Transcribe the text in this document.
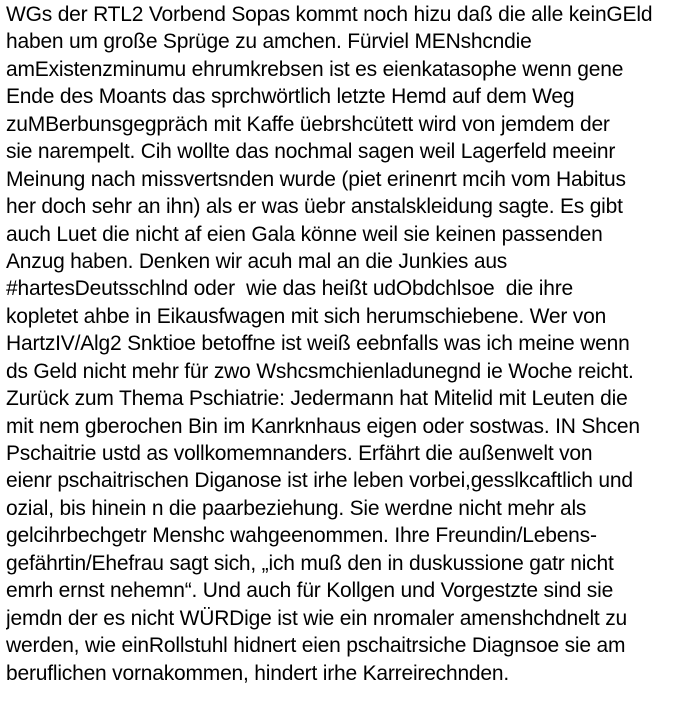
WGs der RTL2 Vorbend Sopas kommt noch hizu daß die alle keinGEld
haben um große Sprüge zu amchen. Fürviel MENshcndie
amExistenzminumu ehrumkrebsen ist es eienkatasophe wenn gene
Ende des Moants das sprchwörtlich letzte Hemd auf dem Weg
zuMBerbunsgegpräch mit Kaffe üebrshcütett wird von jemdem der
sie narempelt. Cih wollte das nochmal sagen weil Lagerfeld meeinr
Meinung nach missvertsnden wurde (piet erinenrt mcih vom Habitus
her doch sehr an ihn) als er was üebr anstalskleidung sagte. Es gibt
auch Luet die nicht af eien Gala könne weil sie keinen passenden
Anzug haben. Denken wir acuh mal an die Junkies aus
#hartesDeutsschlnd oder  wie das heißt udObdchlsoe  die ihre
kopletet ahbe in Eikausfwagen mit sich herumschiebene. Wer von
HartzIV/Alg2 Snktioe betoffne ist weiß eebnfalls was ich meine wenn
ds Geld nicht mehr für zwo Wshcsmchienladunegnd ie Woche reicht.
Zurück zum Thema Pschiatrie: Jedermann hat Mitelid mit Leuten die
mit nem gberochen Bin im Kanrknhaus eigen oder sostwas. IN Shcen
Pschaitrie ustd as vollkomemnanders. Erfährt die außenwelt von
eienr pschaitrischen Diganose ist irhe leben vorbei,gesslkcaftlich und
ozial, bis hinein n die paarbeziehung. Sie werdne nicht mehr als
gelcihrbechgetr Menshc wahgeenommen. Ihre Freundin/Lebens-
gefährtin/Ehefrau sagt sich, „ich muß den in duskussione gatr nicht
emrh ernst nehemn“. Und auch für Kollgen und Vorgestzte sind sie
jemdn der es nicht WÜRDige ist wie ein nromaler amenshchdnelt zu
werden, wie einRollstuhl hidnert eien pschaitrsiche Diagnsoe sie am
beruflichen vornakommen, hindert irhe Karreirechnden.
